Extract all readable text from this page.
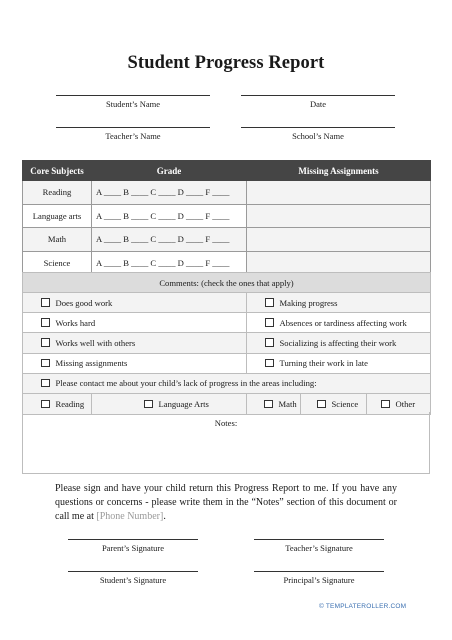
Student Progress Report
Student’s Name	Date
Teacher’s Name	School’s Name
Core Subjects	Grade	Missing Assignments
Reading	A ____ B ____ C ____ D ____ F ____	
Language arts	A ____ B ____ C ____ D ____ F ____	
Math	A ____ B ____ C ____ D ____ F ____	
Science	A ____ B ____ C ____ D ____ F ____	
Comments: (check the ones that apply)	
Does good work	Making progress
Works hard	Absences or tardiness affecting work
Works well with others	Socializing is affecting their work
Missing assignments	Turning their work in late
Please contact me about your child’s lack of progress in the areas including:	
Reading	Language Arts	Math	Science	Other
Notes:
Please sign and have your child return this Progress Report to me. If you have any questions or concerns - please write them in the “Notes” section of this document or call me at [Phone Number].
Parent’s Signature	Teacher’s Signature
Student’s Signature	Principal’s Signature
© TEMPLATEROLLER.COM
